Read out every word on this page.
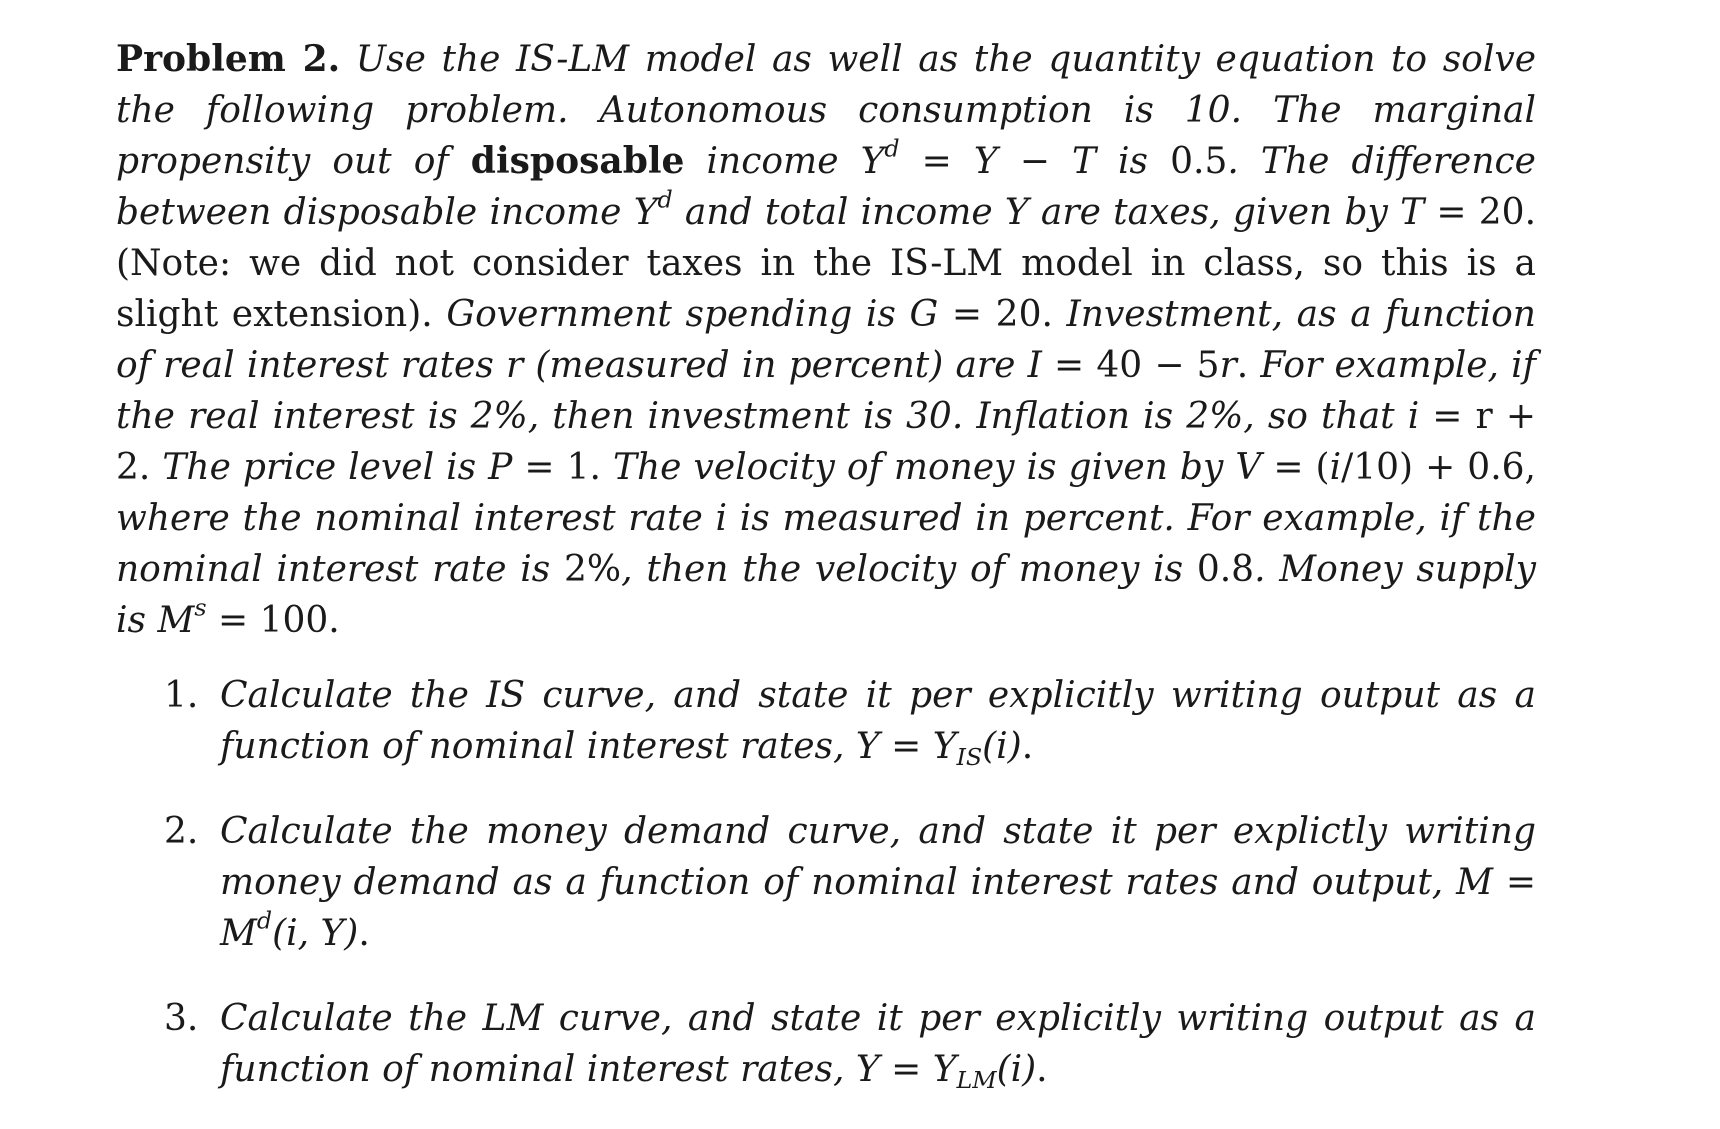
Problem 2. Use the IS-LM model as well as the quantity equation to solve the following problem. Autonomous consumption is 10. The marginal propensity out of disposable income $Y^d = Y - T$ is 0.5. The difference between disposable income $Y^d$ and total income Y are taxes, given by T = 20. (Note: we did not consider taxes in the IS-LM model in class, so this is a slight extension). Government spending is G = 20. Investment, as a function of real interest rates r (measured in percent) are I = 40 − 5r. For example, if the real interest is 2%, then investment is 30. Inflation is 2%, so that i = r + 2. The price level is P = 1. The velocity of money is given by V = (i/10) + 0.6, where the nominal interest rate i is measured in percent. For example, if the nominal interest rate is 2%, then the velocity of money is 0.8. Money supply is $M^s = 100$.

1. Calculate the IS curve, and state it per explicitly writing output as a function of nominal interest rates, $Y = Y_{IS}(i)$.
2. Calculate the money demand curve, and state it per explictly writing money demand as a function of nominal interest rates and output, $M = M^d(i$, Y).
3. Calculate the LM curve, and state it per explicitly writing output as a function of nominal interest rates, $Y = Y_{LM}(i)$.
